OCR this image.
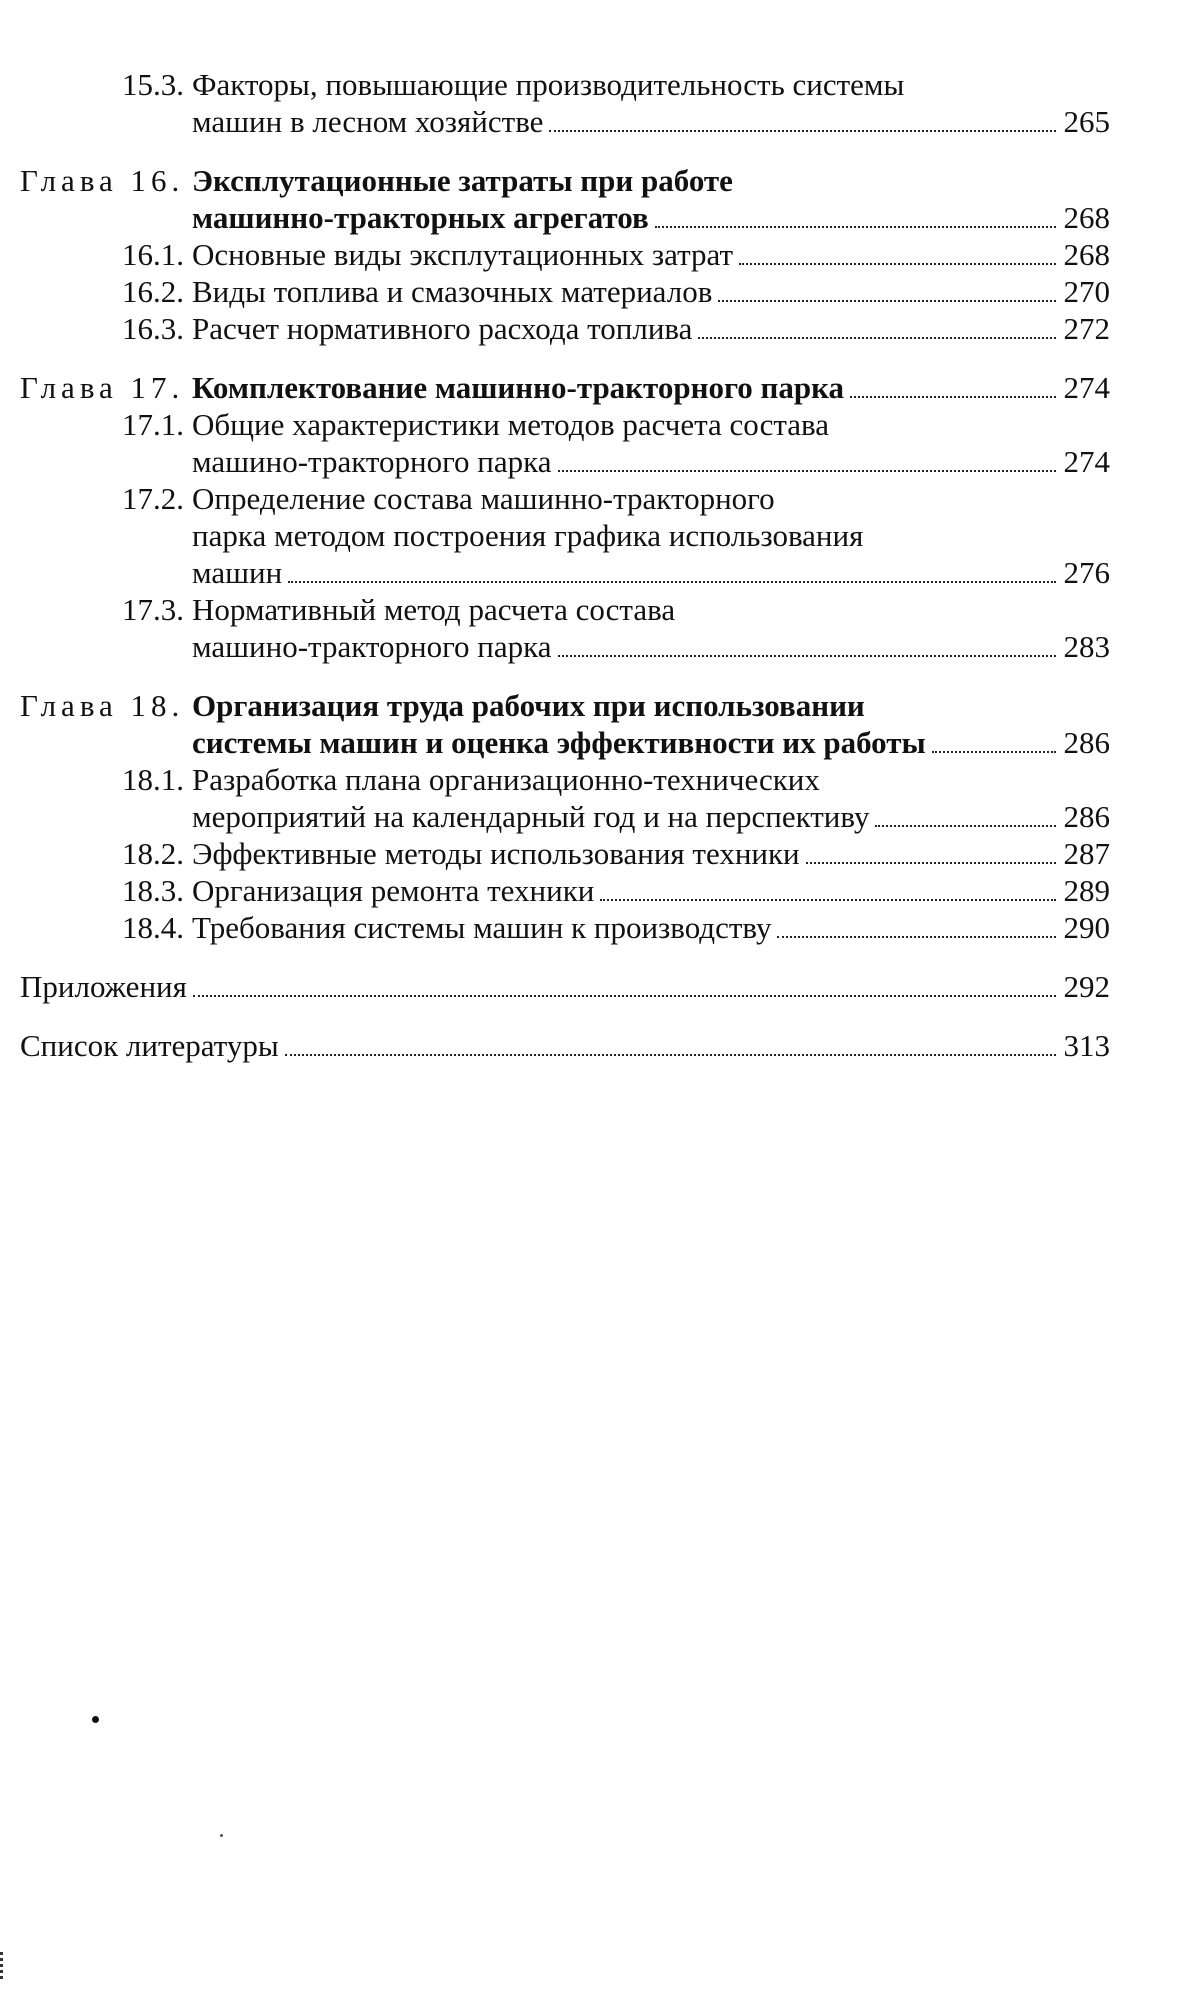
15.3. Факторы, повышающие производительность системы
машин в лесном хозяйстве	265
Глава 16. Эксплутационные затраты при работе
машинно-тракторных агрегатов	268
16.1. Основные виды эксплутационных затрат	268
16.2. Виды топлива и смазочных материалов	270
16.3. Расчет нормативного расхода топлива	272
Глава 17. Комплектование машинно-тракторного парка	274
17.1. Общие характеристики методов расчета состава
машино-тракторного парка	274
17.2. Определение состава машинно-тракторного
парка методом построения графика использования
машин	276
17.3. Нормативный метод расчета состава
машино-тракторного парка	283
Глава 18. Организация труда рабочих при использовании
системы машин и оценка эффективности их работы	286
18.1. Разработка плана организационно-технических
мероприятий на календарный год и на перспективу	286
18.2. Эффективные методы использования техники	287
18.3. Организация ремонта техники	289
18.4. Требования системы машин к производству	290
Приложения	292
Список литературы	313
